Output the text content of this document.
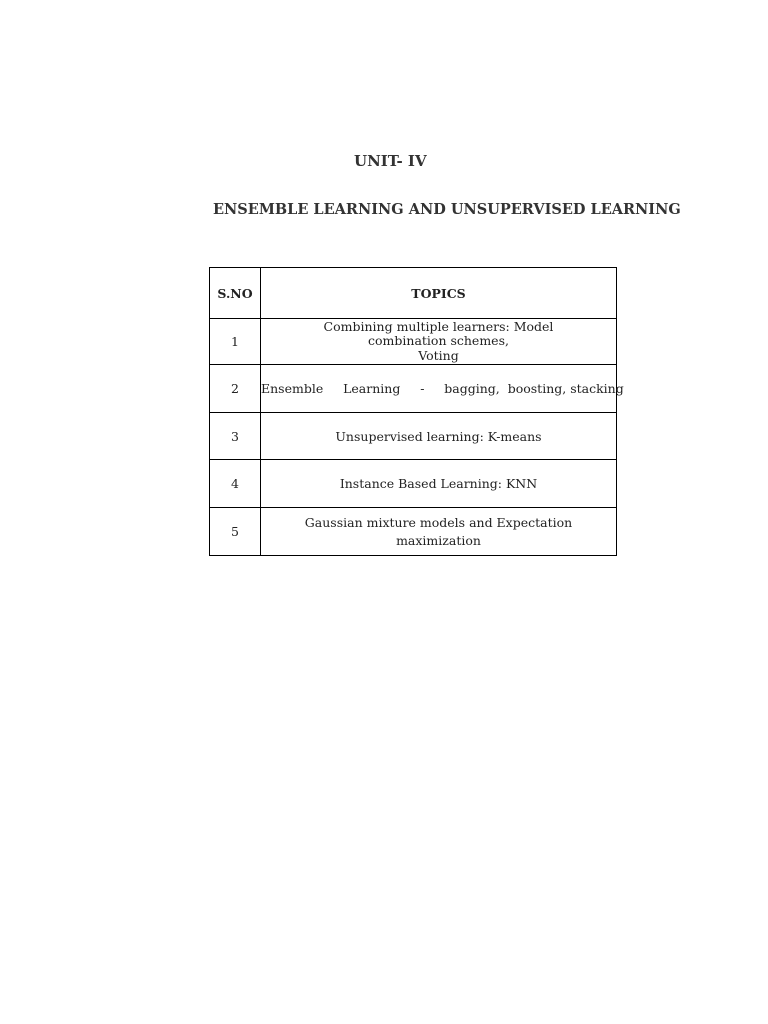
UNIT- IV
ENSEMBLE LEARNING AND UNSUPERVISED LEARNING
S.NO	TOPICS
1	Combining multiple learners: Model
combination schemes,
Voting

2	Ensemble     Learning     -     bagging,  boosting, stacking

3	Unsupervised learning: K-means

4	Instance Based Learning: KNN

5	Gaussian mixture models and Expectation
maximization
